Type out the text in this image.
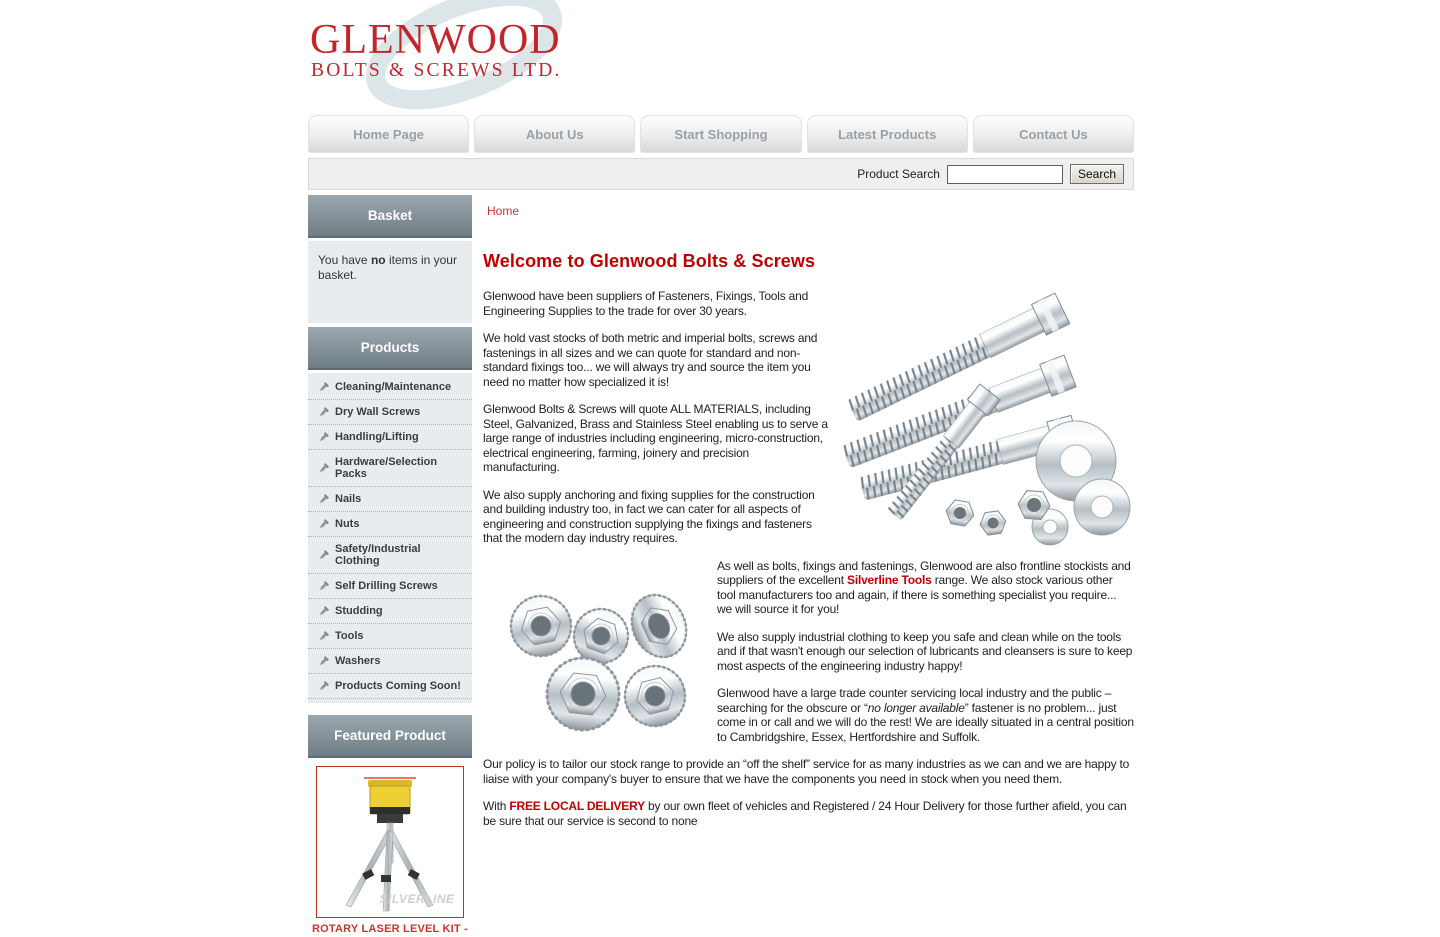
GLENWOOD
BOLTS & SCREWS LTD.
Home Page	About Us	Start Shopping	Latest Products	Contact Us
Product Search	Search
Basket
You have no items in your basket.
Products
Cleaning/Maintenance
Dry Wall Screws
Handling/Lifting
Hardware/Selection Packs
Nails
Nuts
Safety/Industrial Clothing
Self Drilling Screws
Studding
Tools
Washers
Products Coming Soon!
Featured Product
SILVERLINE
ROTARY LASER LEVEL KIT -
Home
Welcome to Glenwood Bolts & Screws

Glenwood have been suppliers of Fasteners, Fixings, Tools and Engineering Supplies to the trade for over 30 years.

We hold vast stocks of both metric and imperial bolts, screws and fastenings in all sizes and we can quote for standard and non-standard fixings too... we will always try and source the item you need no matter how specialized it is!

Glenwood Bolts & Screws will quote ALL MATERIALS, including Steel, Galvanized, Brass and Stainless Steel enabling us to serve a large range of industries including engineering, micro-construction, electrical engineering, farming, joinery and precision manufacturing.

We also supply anchoring and fixing supplies for the construction and building industry too, in fact we can cater for all aspects of engineering and construction supplying the fixings and fasteners that the modern day industry requires.

As well as bolts, fixings and fastenings, Glenwood are also frontline stockists and suppliers of the excellent Silverline Tools range. We also stock various other tool manufacturers too and again, if there is something specialist you require... we will source it for you!

We also supply industrial clothing to keep you safe and clean while on the tools and if that wasn't enough our selection of lubricants and cleansers is sure to keep most aspects of the engineering industry happy!

Glenwood have a large trade counter servicing local industry and the public – searching for the obscure or “no longer available” fastener is no problem... just come in or call and we will do the rest! We are ideally situated in a central position to Cambridgshire, Essex, Hertfordshire and Suffolk.

Our policy is to tailor our stock range to provide an “off the shelf” service for as many industries as we can and we are happy to liaise with your company's buyer to ensure that we have the components you need in stock when you need them.

With FREE LOCAL DELIVERY by our own fleet of vehicles and Registered / 24 Hour Delivery for those further afield, you can be sure that our service is second to none
